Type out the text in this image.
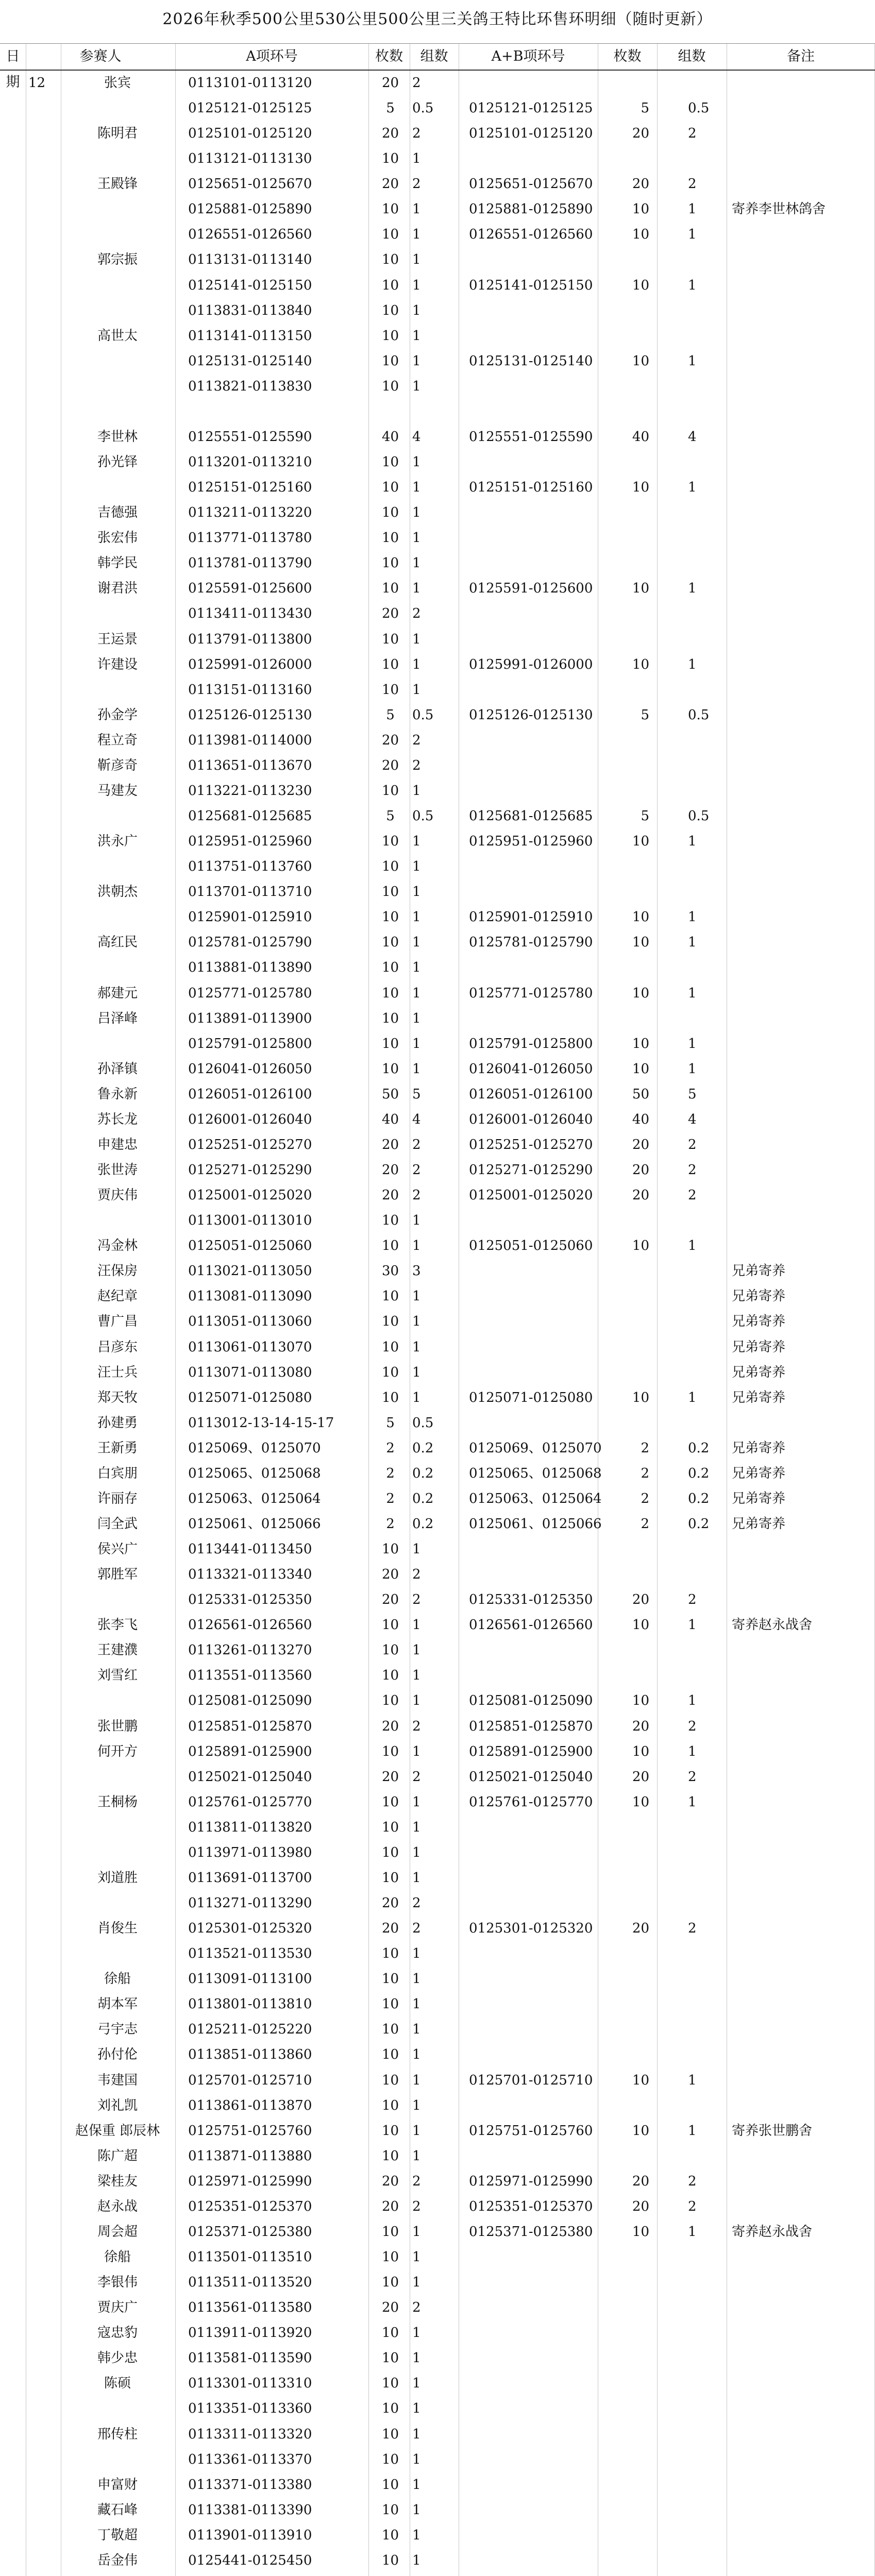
2026年秋季500公里530公里500公里三关鸽王特比环售环明细（随时更新）
日期
参赛人	A项环号	枚数	组数	A+B项环号	枚数	组数	备注
12	张宾	0113101-0113120	20 2
0125121-0125125	5	0.5	0125121-0125125	5	0.5
陈明君	0125101-0125120	20 2	0125101-0125120	20	2
0113121-0113130	10 1
王殿锋	0125651-0125670	20 2	0125651-0125670	20	2
0125881-0125890	10 1	0125881-0125890	10	1	寄养李世林鸽舍
0126551-0126560	10 1	0126551-0126560	10	1
郭宗振	0113131-0113140	10 1
0125141-0125150	10 1	0125141-0125150	10	1
0113831-0113840	10 1
高世太	0113141-0113150	10 1
0125131-0125140	10 1	0125131-0125140	10	1
0113821-0113830	10 1
李世林	0125551-0125590	40 4	0125551-0125590	40	4
孙光铎	0113201-0113210	10 1
0125151-0125160	10 1	0125151-0125160	10	1
吉德强	0113211-0113220	10 1
张宏伟	0113771-0113780	10 1
韩学民	0113781-0113790	10 1
谢君洪	0125591-0125600	10 1	0125591-0125600	10	1
0113411-0113430	20 2
王运景	0113791-0113800	10 1
许建设	0125991-0126000	10 1	0125991-0126000	10	1
0113151-0113160	10 1
孙金学	0125126-0125130	5	0.5	0125126-0125130	5	0.5
程立奇	0113981-0114000	20 2
靳彦奇	0113651-0113670	20 2
马建友	0113221-0113230	10 1
0125681-0125685	5	0.5	0125681-0125685	5	0.5
洪永广	0125951-0125960	10 1	0125951-0125960	10	1
0113751-0113760	10 1
洪朝杰	0113701-0113710	10 1
0125901-0125910	10 1	0125901-0125910	10	1
高红民	0125781-0125790	10 1	0125781-0125790	10	1
0113881-0113890	10 1
郝建元	0125771-0125780	10 1	0125771-0125780	10	1
吕泽峰	0113891-0113900	10 1
0125791-0125800	10 1	0125791-0125800	10	1
孙泽镇	0126041-0126050	10 1	0126041-0126050	10	1
鲁永新	0126051-0126100	50 5	0126051-0126100	50	5
苏长龙	0126001-0126040	40 4	0126001-0126040	40	4
申建忠	0125251-0125270	20 2	0125251-0125270	20	2
张世涛	0125271-0125290	20 2	0125271-0125290	20	2
贾庆伟	0125001-0125020	20 2	0125001-0125020	20	2
0113001-0113010	10 1
冯金林	0125051-0125060	10 1	0125051-0125060	10	1
汪保房	0113021-0113050	30 3	兄弟寄养
赵纪章	0113081-0113090	10 1	兄弟寄养
曹广昌	0113051-0113060	10 1	兄弟寄养
吕彦东	0113061-0113070	10 1	兄弟寄养
汪士兵	0113071-0113080	10 1	兄弟寄养
郑天牧	0125071-0125080	10 1	0125071-0125080	10	1	兄弟寄养
孙建勇	0113012-13-14-15-17	5	0.5
王新勇	0125069、0125070	2	0.2	0125069、0125070	2	0.2	兄弟寄养
白宾朋	0125065、0125068	2	0.2	0125065、0125068	2	0.2	兄弟寄养
许丽存	0125063、0125064	2	0.2	0125063、0125064	2	0.2	兄弟寄养
闫全武	0125061、0125066	2	0.2	0125061、0125066	2	0.2	兄弟寄养
侯兴广	0113441-0113450	10 1
郭胜军	0113321-0113340	20 2
0125331-0125350	20 2	0125331-0125350	20	2
张李飞	0126561-0126560	10 1	0126561-0126560	10	1	寄养赵永战舍
王建濮	0113261-0113270	10 1
刘雪红	0113551-0113560	10 1
0125081-0125090	10 1	0125081-0125090	10	1
张世鹏	0125851-0125870	20 2	0125851-0125870	20	2
何开方	0125891-0125900	10 1	0125891-0125900	10	1
0125021-0125040	20 2	0125021-0125040	20	2
王桐杨	0125761-0125770	10 1	0125761-0125770	10	1
0113811-0113820	10 1
0113971-0113980	10 1
刘道胜	0113691-0113700	10 1
0113271-0113290	20 2
肖俊生	0125301-0125320	20 2	0125301-0125320	20	2
0113521-0113530	10 1
徐船	0113091-0113100	10 1
胡本军	0113801-0113810	10 1
弓宇志	0125211-0125220	10 1
孙付伦	0113851-0113860	10 1
韦建国	0125701-0125710	10 1	0125701-0125710	10	1
刘礼凯	0113861-0113870	10 1
赵保重 郎辰林	0125751-0125760	10 1	0125751-0125760	10	1	寄养张世鹏舍
陈广超	0113871-0113880	10 1
梁桂友	0125971-0125990	20 2	0125971-0125990	20	2
赵永战	0125351-0125370	20 2	0125351-0125370	20	2
周会超	0125371-0125380	10 1	0125371-0125380	10	1	寄养赵永战舍
徐船	0113501-0113510	10 1
李银伟	0113511-0113520	10 1
贾庆广	0113561-0113580	20 2
寇忠豹	0113911-0113920	10 1
韩少忠	0113581-0113590	10 1
陈硕	0113301-0113310	10 1
0113351-0113360	10 1
邢传柱	0113311-0113320	10 1
0113361-0113370	10 1
申富财	0113371-0113380	10 1
藏石峰	0113381-0113390	10 1
丁敬超	0113901-0113910	10 1
岳金伟	0125441-0125450	10 1
